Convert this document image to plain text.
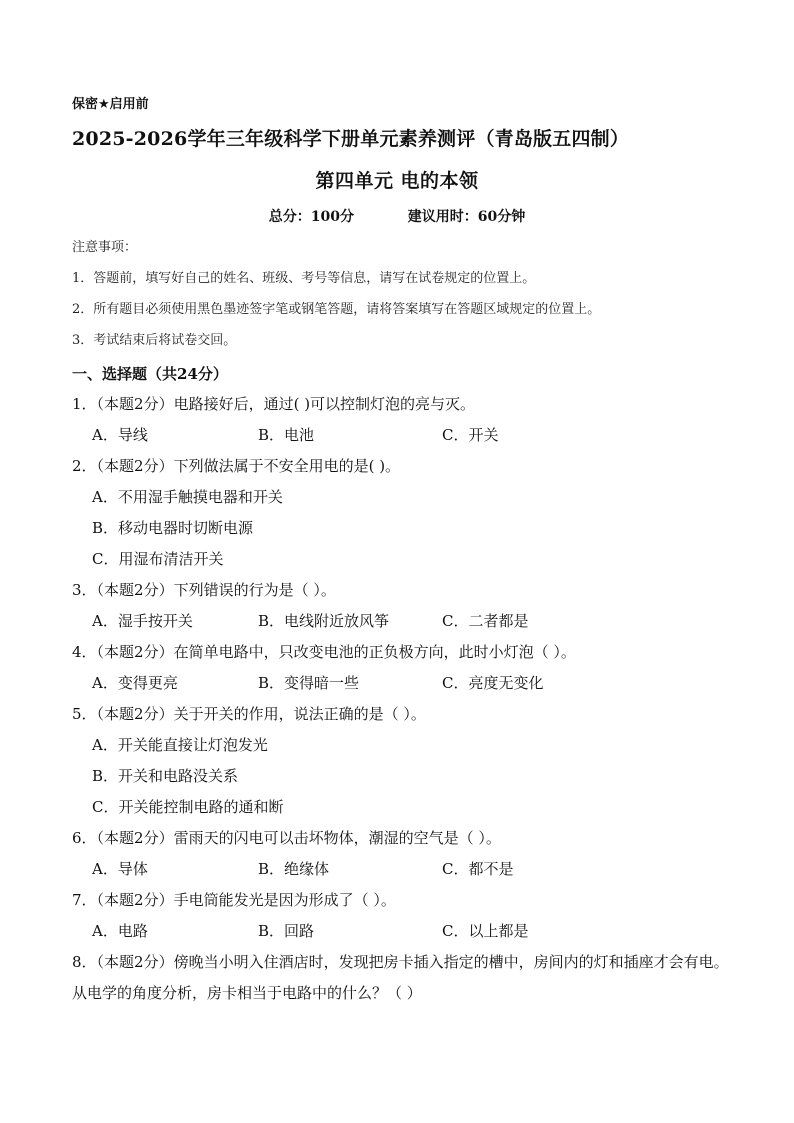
保密★启用前
2025-2026学年三年级科学下册单元素养测评（青岛版五四制）
第四单元 电的本领
总分：100分	建议用时：60分钟
注意事项：
1．答题前，填写好自己的姓名、班级、考号等信息，请写在试卷规定的位置上。
2．所有题目必须使用黑色墨迹签字笔或钢笔答题，请将答案填写在答题区域规定的位置上。
3．考试结束后将试卷交回。
一、选择题（共24分）
1．（本题2分）电路接好后，通过( )可以控制灯泡的亮与灭。
A．导线	B．电池	C．开关
2．（本题2分）下列做法属于不安全用电的是( )。
A．不用湿手触摸电器和开关
B．移动电器时切断电源
C．用湿布清洁开关
3．（本题2分）下列错误的行为是（ ）。
A．湿手按开关	B．电线附近放风筝	C．二者都是
4．（本题2分）在简单电路中，只改变电池的正负极方向，此时小灯泡（ ）。
A．变得更亮	B．变得暗一些	C．亮度无变化
5．（本题2分）关于开关的作用，说法正确的是（ ）。
A．开关能直接让灯泡发光
B．开关和电路没关系
C．开关能控制电路的通和断
6．（本题2分）雷雨天的闪电可以击坏物体，潮湿的空气是（ ）。
A．导体	B．绝缘体	C．都不是
7．（本题2分）手电筒能发光是因为形成了（ ）。
A．电路	B．回路	C．以上都是
8．（本题2分）傍晚当小明入住酒店时，发现把房卡插入指定的槽中，房间内的灯和插座才会有电。从电学的角度分析，房卡相当于电路中的什么？（ ）
